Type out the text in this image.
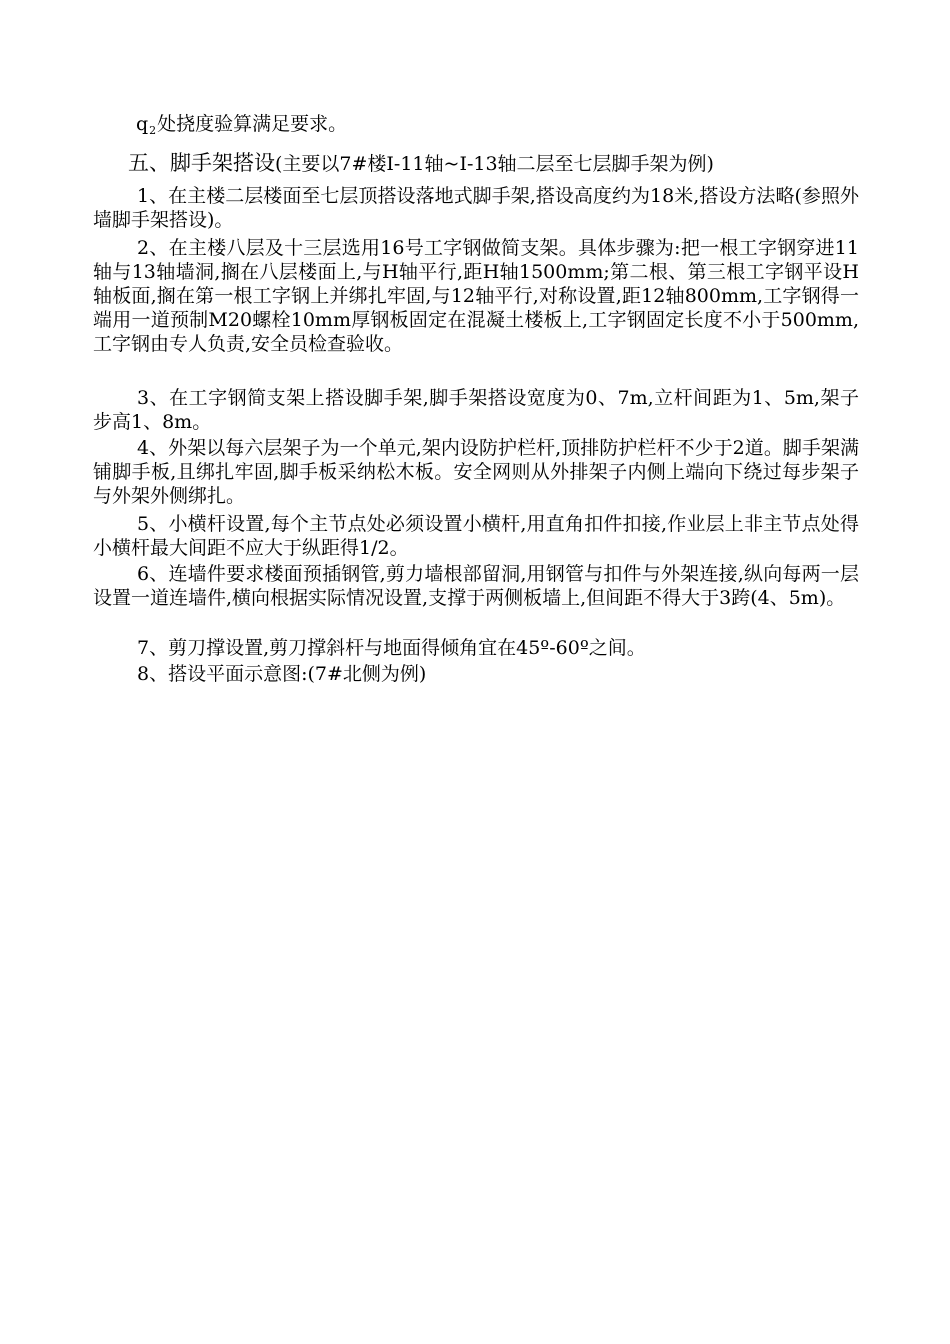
$q_2$处挠度验算满足要求。
五、脚手架搭设(主要以7#楼I-11轴~I-13轴二层至七层脚手架为例)

1、在主楼二层楼面至七层顶搭设落地式脚手架,搭设高度约为18米,搭设方法略(参照外墙脚手架搭设)。

2、在主楼八层及十三层选用16号工字钢做简支架。具体步骤为:把一根工字钢穿进11轴与13轴墙洞,搁在八层楼面上,与H轴平行,距H轴1500mm;第二根、第三根工字钢平设H轴板面,搁在第一根工字钢上并绑扎牢固,与12轴平行,对称设置,距12轴800mm,工字钢得一端用一道预制M20螺栓10mm厚钢板固定在混凝土楼板上,工字钢固定长度不小于500mm,工字钢由专人负责,安全员检查验收。

3、在工字钢简支架上搭设脚手架,脚手架搭设宽度为0、7m,立杆间距为1、5m,架子步高1、8m。

4、外架以每六层架子为一个单元,架内设防护栏杆,顶排防护栏杆不少于2道。脚手架满铺脚手板,且绑扎牢固,脚手板采纳松木板。安全网则从外排架子内侧上端向下绕过每步架子与外架外侧绑扎。

5、小横杆设置,每个主节点处必须设置小横杆,用直角扣件扣接,作业层上非主节点处得小横杆最大间距不应大于纵距得1/2。

6、连墙件要求楼面预插钢管,剪力墙根部留洞,用钢管与扣件与外架连接,纵向每两一层设置一道连墙件,横向根据实际情况设置,支撑于两侧板墙上,但间距不得大于3跨(4、5m)。

7、剪刀撑设置,剪刀撑斜杆与地面得倾角宜在45º-60º之间。

8、搭设平面示意图:(7#北侧为例)
